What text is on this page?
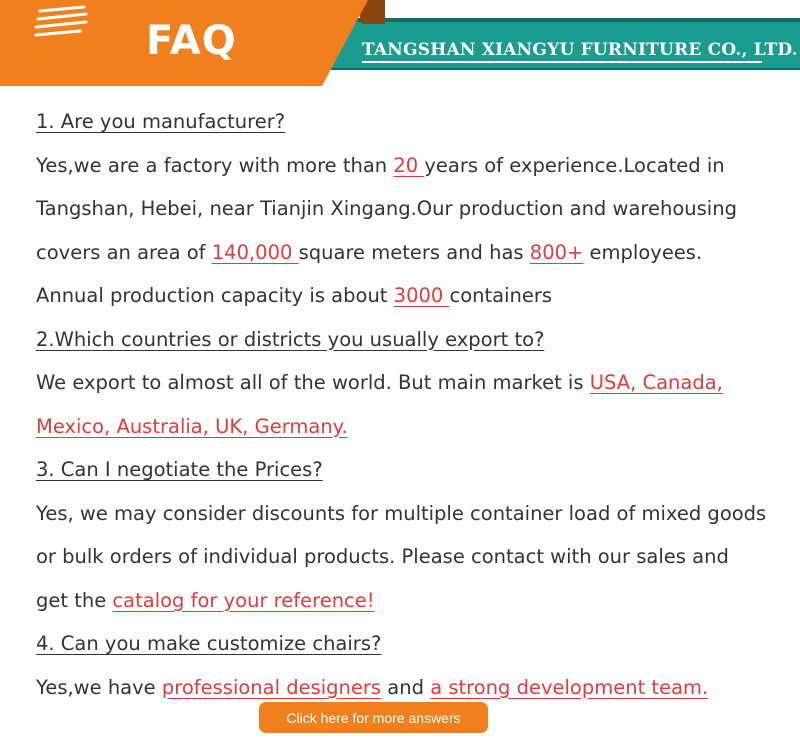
FAQ	TANGSHAN XIANGYU FURNITURE CO., LTD.

1. Are you manufacturer?

Yes,we are a factory with more than 20 years of experience.Located in

Tangshan, Hebei, near Tianjin Xingang.Our production and warehousing

covers an area of 140,000 square meters and has 800+ employees.

Annual production capacity is about 3000 containers

2.Which countries or districts you usually export to?

We export to almost all of the world. But main market is USA, Canada,

Mexico, Australia, UK, Germany.

3. Can I negotiate the Prices?

Yes, we may consider discounts for multiple container load of mixed goods

or bulk orders of individual products. Please contact with our sales and

get the catalog for your reference!

4. Can you make customize chairs?

Yes,we have professional designers and a strong development team.

Click here for more answers
